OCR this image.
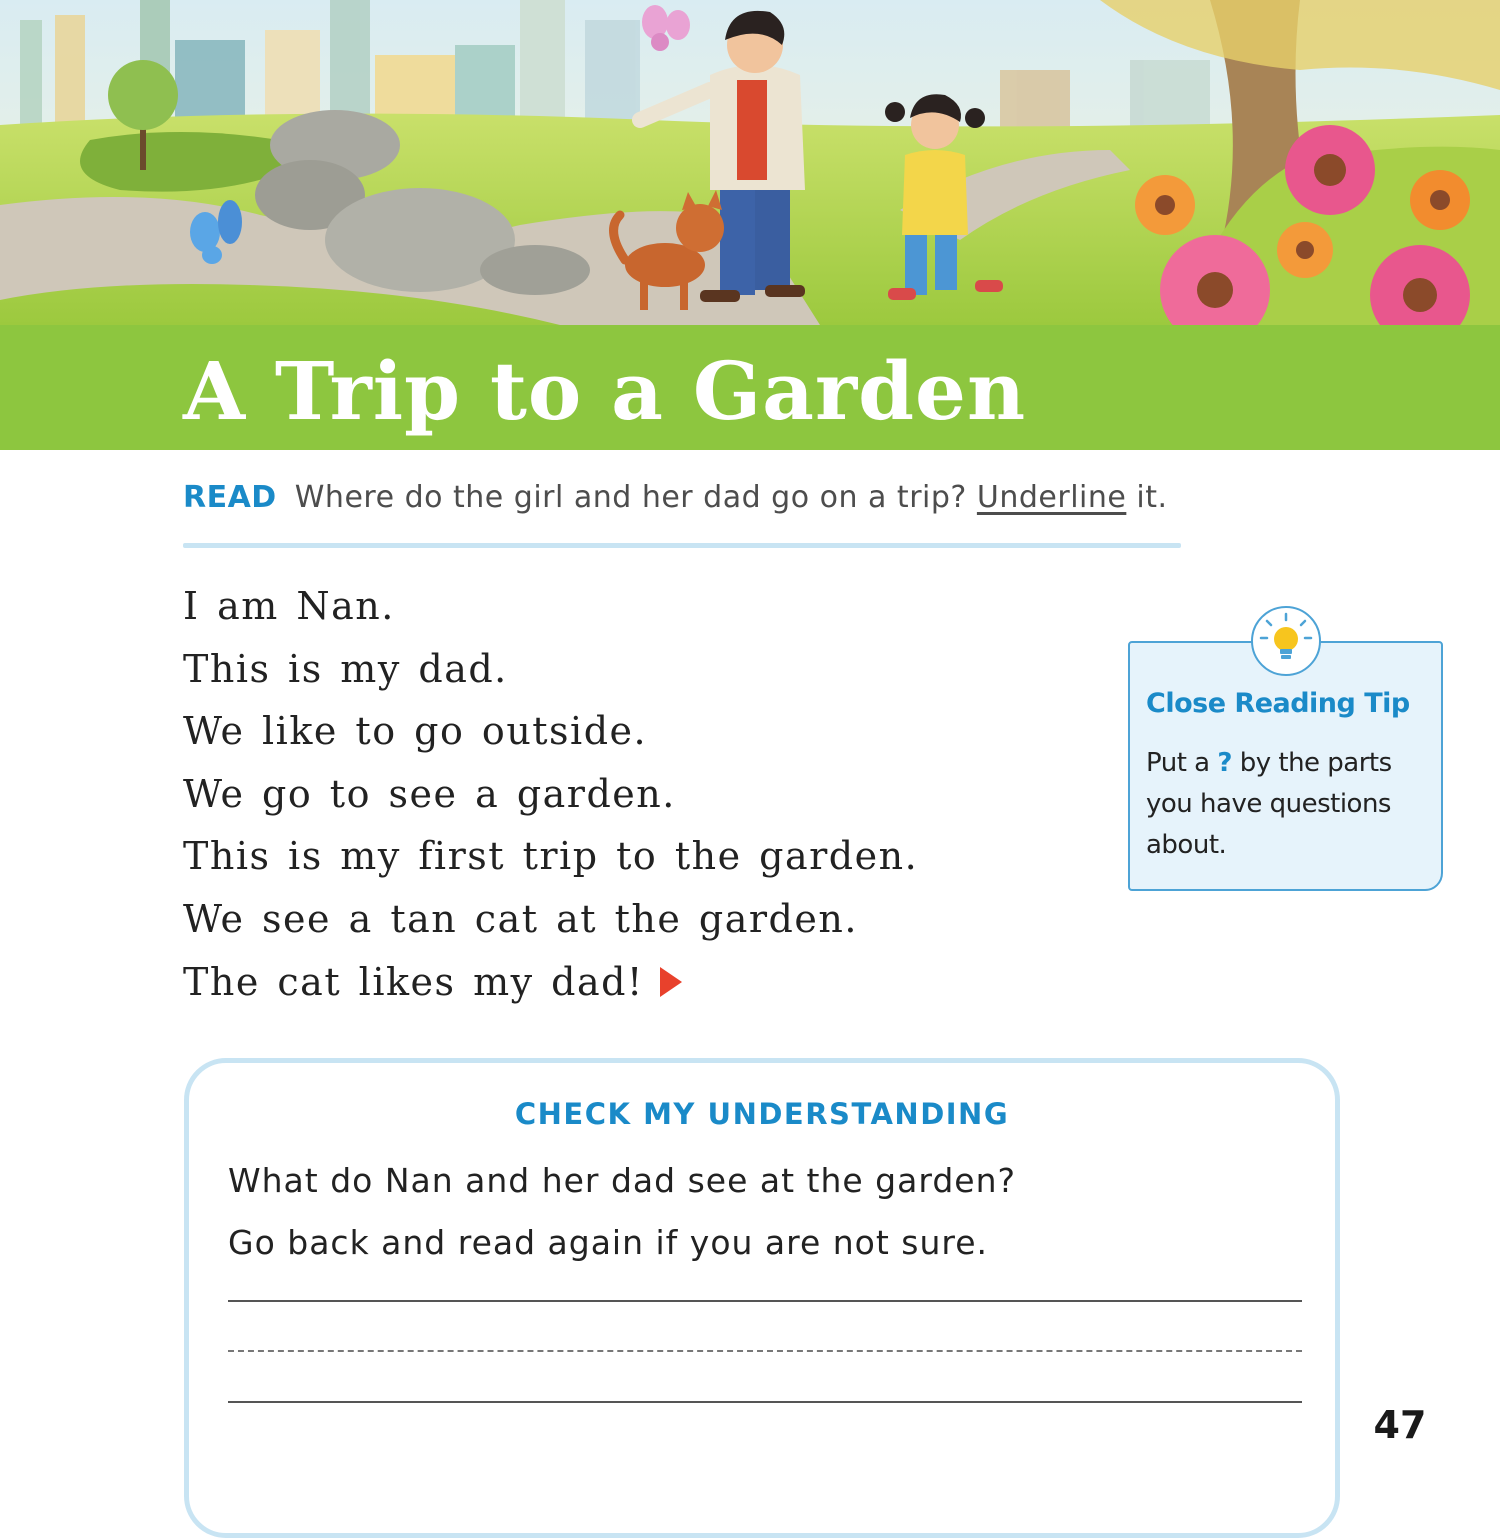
A Trip to a Garden
READ Where do the girl and her dad go on a trip? Underline it.
I am Nan.
This is my dad.
We like to go outside.
We go to see a garden.
This is my first trip to the garden.
We see a tan cat at the garden.
The cat likes my dad!
Close Reading Tip

Put a ? by the parts you have questions about.

CHECK MY UNDERSTANDING
What do Nan and her dad see at the garden?
Go back and read again if you are not sure.
47
